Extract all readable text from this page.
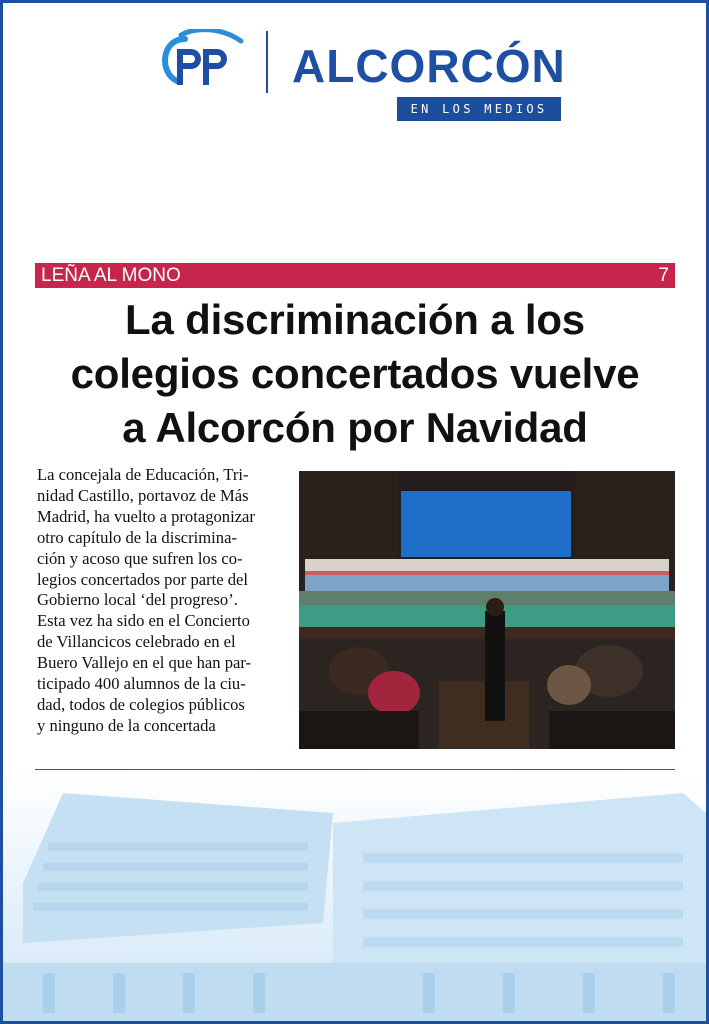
ALCORCÓN
EN LOS MEDIOS
LEÑA AL MONO	7
La discriminación a los
colegios concertados vuelve
a Alcorcón por Navidad
La concejala de Educación, Tri-
nidad Castillo, portavoz de Más
Madrid, ha vuelto a protagonizar
otro capítulo de la discrimina-
ción y acoso que sufren los co-
legios concertados por parte del
Gobierno local ‘del progreso’.
Esta vez ha sido en el Concierto
de Villancicos celebrado en el
Buero Vallejo en el que han par-
ticipado 400 alumnos de la ciu-
dad, todos de colegios públicos
y ninguno de la concertada
